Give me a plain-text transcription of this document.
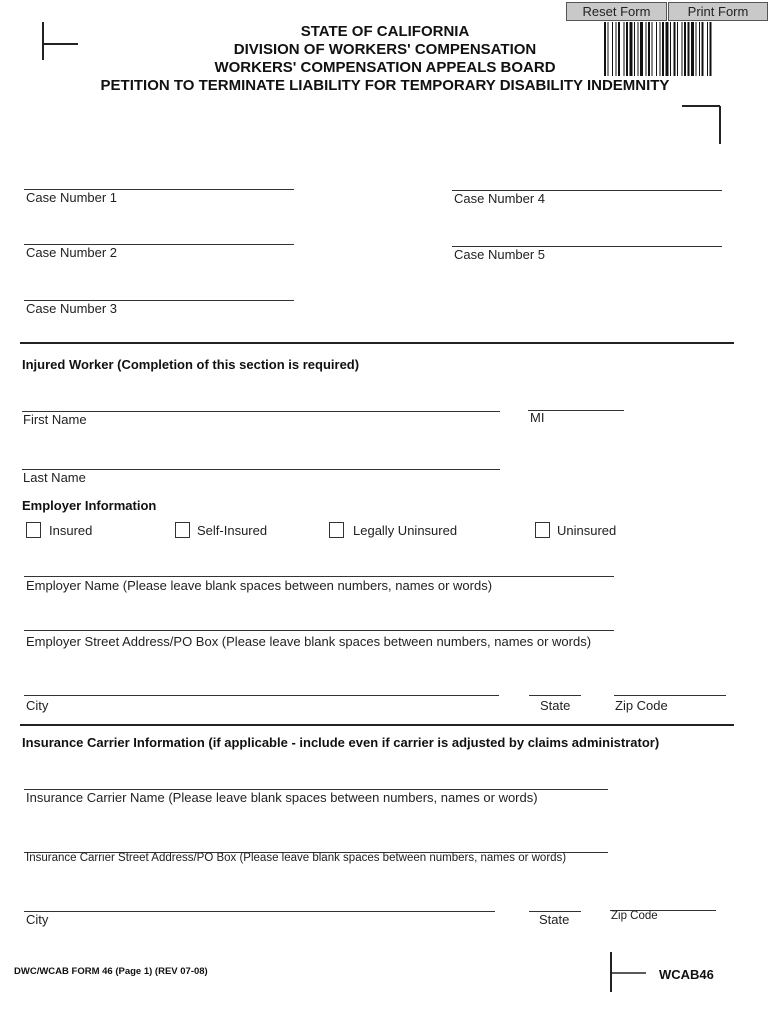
Reset Form	Print Form
STATE OF CALIFORNIA
DIVISION OF WORKERS' COMPENSATION
WORKERS' COMPENSATION APPEALS BOARD
PETITION TO TERMINATE LIABILITY FOR TEMPORARY DISABILITY INDEMNITY
Case Number 1
Case Number 2
Case Number 3
Case Number 4
Case Number 5
Injured Worker (Completion of this section is required)
First Name	MI
Last Name
Employer Information
Insured	Self-Insured	Legally Uninsured	Uninsured
Employer Name (Please leave blank spaces between numbers, names or words)
Employer Street Address/PO Box (Please leave blank spaces between numbers, names or words)
City	State	Zip Code
Insurance Carrier Information (if applicable - include even if carrier is adjusted by claims administrator)
Insurance Carrier Name (Please leave blank spaces between numbers, names or words)
Insurance Carrier Street Address/PO Box (Please leave blank spaces between numbers, names or words)
City	State	Zip Code
DWC/WCAB FORM 46 (Page 1) (REV 07-08)	WCAB46
